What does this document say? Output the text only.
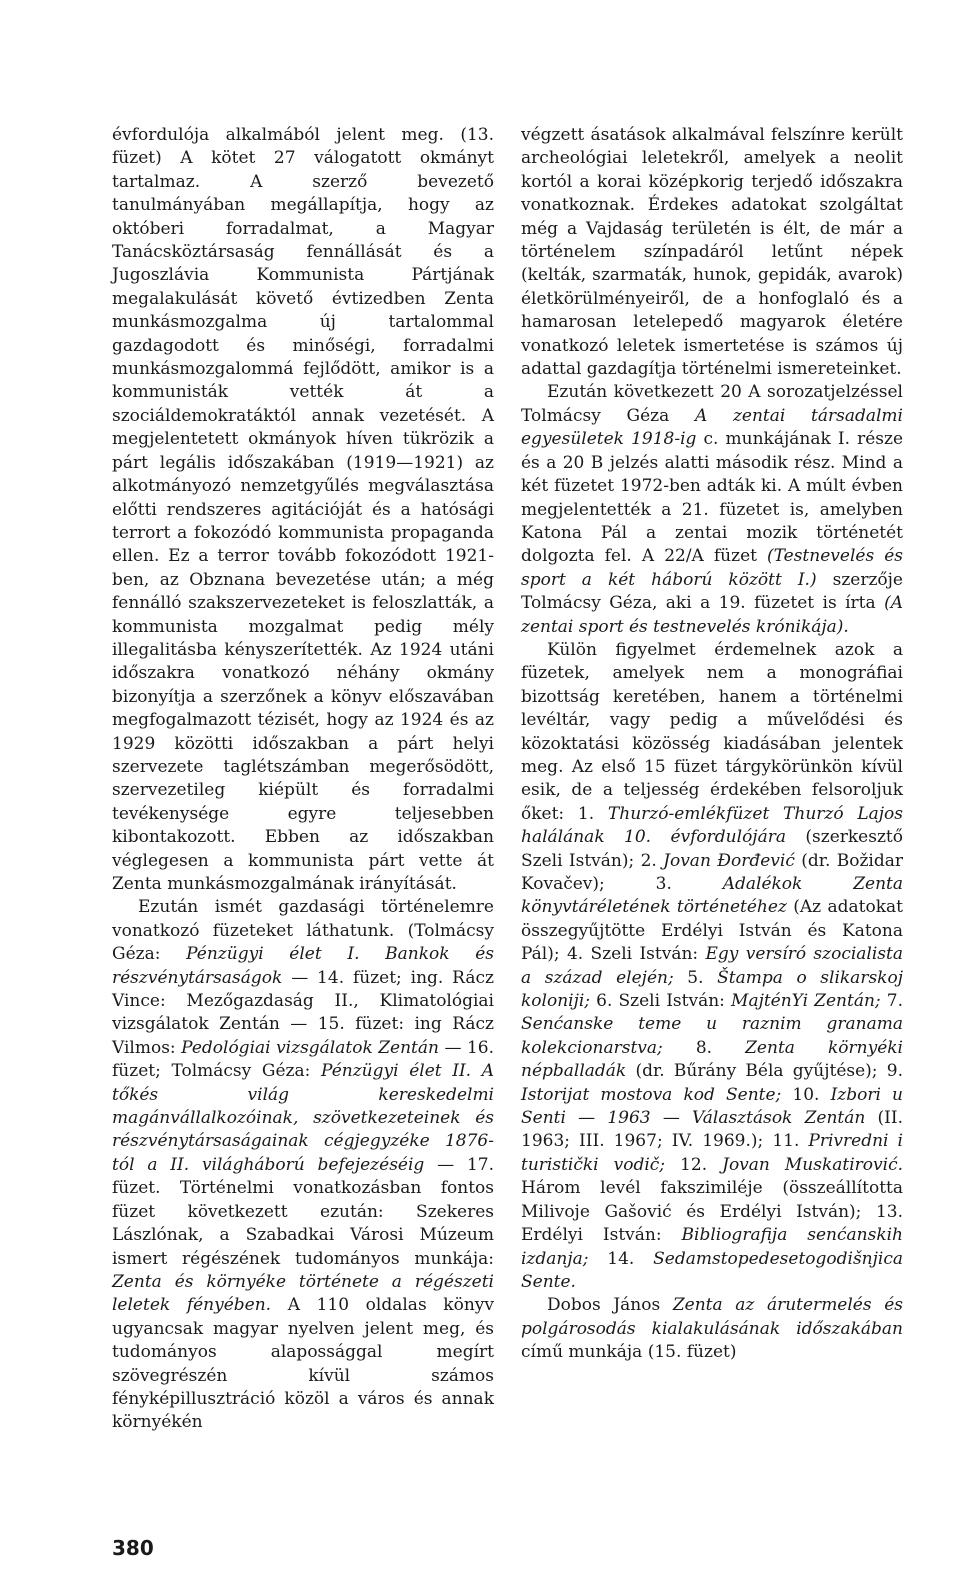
évfordulója alkalmából jelent meg. (13. füzet) A kötet 27 válogatott okmányt tartalmaz. A szerző bevezető tanulmányában megállapítja, hogy az októberi forradalmat, a Magyar Tanácsköztársaság fennállását és a Jugoszlávia Kommunista Pártjának megalakulását követő évtizedben Zenta munkásmozgalma új tartalommal gazdagodott és minőségi, forradalmi munkásmozgalommá fejlődött, amikor is a kommunisták vették át a szociáldemokratáktól annak vezetését. A megjelentetett okmányok híven tükrözik a párt legális időszakában (1919—1921) az alkotmányozó nemzetgyűlés megválasztása előtti rendszeres agitációját és a hatósági terrort a fokozódó kommunista propaganda ellen. Ez a terror tovább fokozódott 1921-ben, az Obznana bevezetése után; a még fennálló szakszervezeteket is feloszlatták, a kommunista mozgalmat pedig mély illegalitásba kényszerítették. Az 1924 utáni időszakra vonatkozó néhány okmány bizonyítja a szerzőnek a könyv előszavában megfogalmazott tézisét, hogy az 1924 és az 1929 közötti időszakban a párt helyi szervezete taglétszámban megerősödött, szervezetileg kiépült és forradalmi tevékenysége egyre teljesebben kibontakozott. Ebben az időszakban véglegesen a kommunista párt vette át Zenta munkásmozgalmának irányítását.

Ezután ismét gazdasági történelemre vonatkozó füzeteket láthatunk. (Tolmácsy Géza: Pénzügyi élet I. Bankok és részvénytársaságok — 14. füzet; ing. Rácz Vince: Mezőgazdaság II., Klimatológiai vizsgálatok Zentán — 15. füzet: ing Rácz Vilmos: Pedológiai vizsgálatok Zentán — 16. füzet; Tolmácsy Géza: Pénzügyi élet II. A tőkés világ kereskedelmi magánvállalkozóinak, szövetkezeteinek és részvénytársaságainak cégjegyzéke 1876-tól a II. világháború befejezéséig — 17. füzet. Történelmi vonatkozásban fontos füzet következett ezután: Szekeres Lászlónak, a Szabadkai Városi Múzeum ismert régészének tudományos munkája: Zenta és környéke története a régészeti leletek fényében. A 110 oldalas könyv ugyancsak magyar nyelven jelent meg, és tudományos alapossággal megírt szövegrészén kívül számos fényképillusztráció közöl a város és annak környékén

végzett ásatások alkalmával felszínre került archeológiai leletekről, amelyek a neolit kortól a korai középkorig terjedő időszakra vonatkoznak. Érdekes adatokat szolgáltat még a Vajdaság területén is élt, de már a történelem színpadáról letűnt népek (kelták, szarmaták, hunok, gepidák, avarok) életkörülményeiről, de a honfoglaló és a hamarosan letelepedő magyarok életére vonatkozó leletek ismertetése is számos új adattal gazdagítja történelmi ismereteinket.

Ezután következett 20 A sorozatjelzéssel Tolmácsy Géza A zentai társadalmi egyesületek 1918-ig c. munkájának I. része és a 20 B jelzés alatti második rész. Mind a két füzetet 1972-ben adták ki. A múlt évben megjelentették a 21. füzetet is, amelyben Katona Pál a zentai mozik történetét dolgozta fel. A 22/A füzet (Testnevelés és sport a két háború között I.) szerzője Tolmácsy Géza, aki a 19. füzetet is írta (A zentai sport és testnevelés krónikája).

Külön figyelmet érdemelnek azok a füzetek, amelyek nem a monográfiai bizottság keretében, hanem a történelmi levéltár, vagy pedig a művelődési és közoktatási közösség kiadásában jelentek meg. Az első 15 füzet tárgykörünkön kívül esik, de a teljesség érdekében felsoroljuk őket: 1. Thurzó-emlékfüzet Thurzó Lajos halálának 10. évfordulójára (szerkesztő Szeli István); 2. Jovan Đorđević (dr. Božidar Kovačev); 3. Adalékok Zenta könyvtáréletének történetéhez (Az adatokat összegyűjtötte Erdélyi István és Katona Pál); 4. Szeli István: Egy versíró szocialista a század elején; 5. Štampa o slikarskoj koloniji; 6. Szeli István: MajténYi Zentán; 7. Senćanske teme u raznim granama kolekcionarstva; 8. Zenta környéki népballadák (dr. Bűrány Béla gyűjtése); 9. Istorijat mostova kod Sente; 10. Izbori u Senti — 1963 — Választások Zentán (II. 1963; III. 1967; IV. 1969.); 11. Privredni i turistički vodič; 12. Jovan Muskatirović. Három levél fakszimiléje (összeállította Milivoje Gašović és Erdélyi István); 13. Erdélyi István: Bibliografija senćanskih izdanja; 14. Sedamstopedesetogodišnjica Sente.

Dobos János Zenta az árutermelés és polgárosodás kialakulásának időszakában című munkája (15. füzet)

380
